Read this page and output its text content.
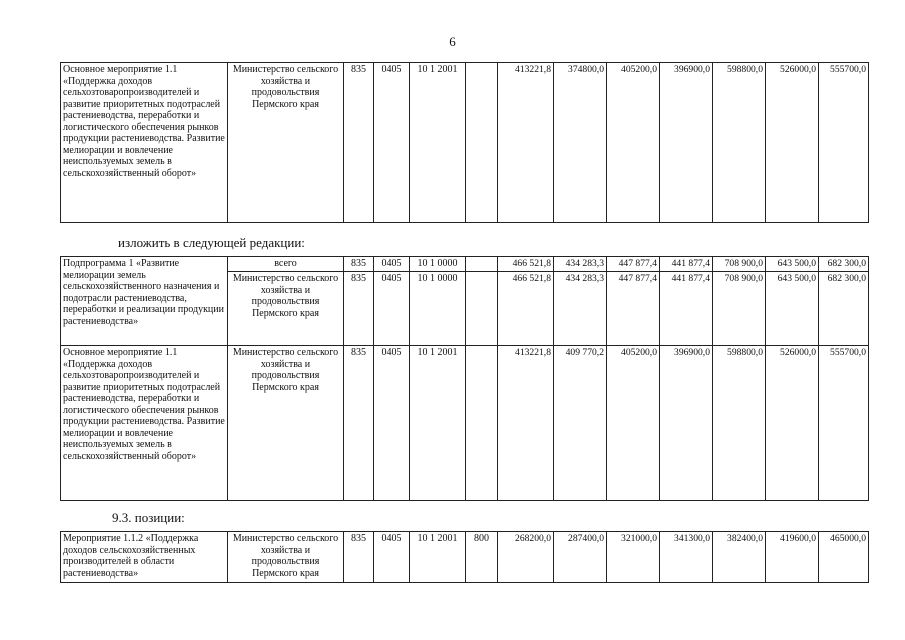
6
Основное мероприятие 1.1 «Поддержка доходов сельхозтоваропроизводителей и развитие приоритетных подотраслей растениеводства, переработки и логистического обеспечения рынков продукции растениеводства. Развитие мелиорации и вовлечение неиспользуемых земель в сельскохозяйственный оборот»	Министерство сельского хозяйства и продовольствия Пермского края	835	0405	10 1 2001		413221,8	374800,0	405200,0	396900,0	598800,0	526000,0	555700,0
изложить в следующей редакции:
Подпрограмма 1 «Развитие мелиорации земель сельскохозяйственного назначения и подотрасли растениеводства, переработки и реализации продукции растениеводства»	всего	835	0405	10 1 0000		466 521,8	434 283,3	447 877,4	441 877,4	708 900,0	643 500,0	682 300,0
	Министерство сельского хозяйства и продовольствия Пермского края	835	0405	10 1 0000		466 521,8	434 283,3	447 877,4	441 877,4	708 900,0	643 500,0	682 300,0
Основное мероприятие 1.1 «Поддержка доходов сельхозтоваропроизводителей и развитие приоритетных подотраслей растениеводства, переработки и логистического обеспечения рынков продукции растениеводства. Развитие мелиорации и вовлечение неиспользуемых земель в сельскохозяйственный оборот»	Министерство сельского хозяйства и продовольствия Пермского края	835	0405	10 1 2001		413221,8	409 770,2	405200,0	396900,0	598800,0	526000,0	555700,0
9.3. позиции:
Мероприятие 1.1.2 «Поддержка доходов сельскохозяйственных производителей в области растениеводства»	Министерство сельского хозяйства и продовольствия Пермского края	835	0405	10 1 2001	800	268200,0	287400,0	321000,0	341300,0	382400,0	419600,0	465000,0
